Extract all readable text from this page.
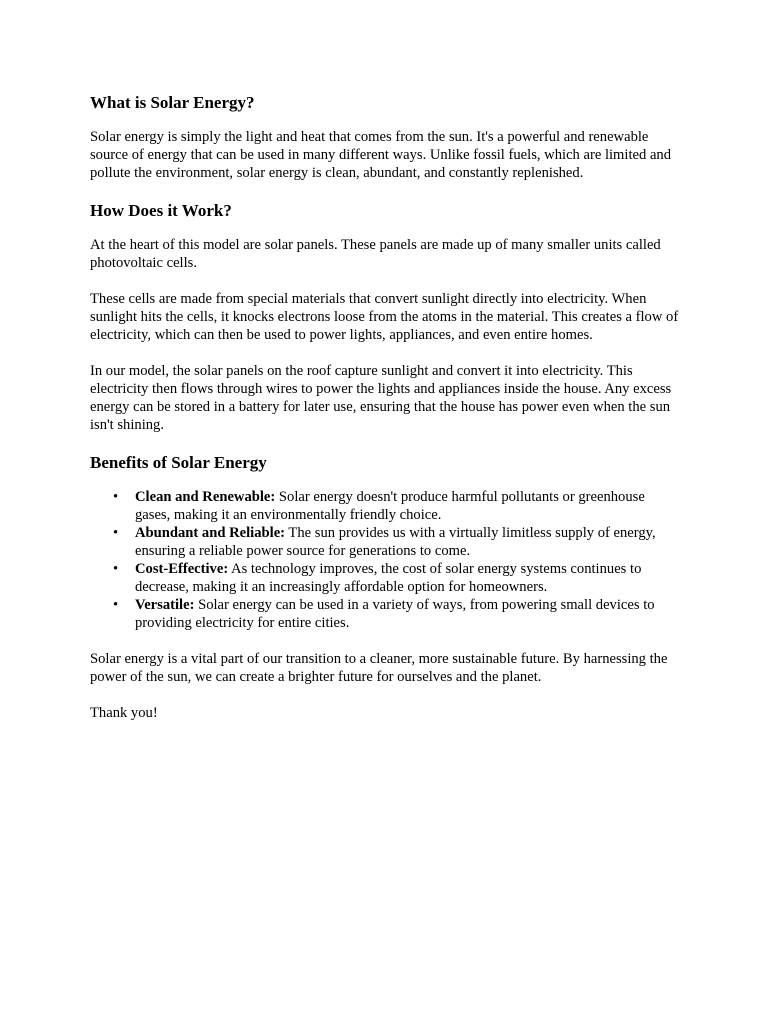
What is Solar Energy?

Solar energy is simply the light and heat that comes from the sun. It's a powerful and renewable source of energy that can be used in many different ways. Unlike fossil fuels, which are limited and pollute the environment, solar energy is clean, abundant, and constantly replenished.

How Does it Work?

At the heart of this model are solar panels. These panels are made up of many smaller units called photovoltaic cells.

These cells are made from special materials that convert sunlight directly into electricity. When sunlight hits the cells, it knocks electrons loose from the atoms in the material. This creates a flow of electricity, which can then be used to power lights, appliances, and even entire homes.

In our model, the solar panels on the roof capture sunlight and convert it into electricity. This electricity then flows through wires to power the lights and appliances inside the house. Any excess energy can be stored in a battery for later use, ensuring that the house has power even when the sun isn't shining.

Benefits of Solar Energy
• Clean and Renewable: Solar energy doesn't produce harmful pollutants or greenhouse gases, making it an environmentally friendly choice.
• Abundant and Reliable: The sun provides us with a virtually limitless supply of energy, ensuring a reliable power source for generations to come.
• Cost-Effective: As technology improves, the cost of solar energy systems continues to decrease, making it an increasingly affordable option for homeowners.
• Versatile: Solar energy can be used in a variety of ways, from powering small devices to providing electricity for entire cities.

Solar energy is a vital part of our transition to a cleaner, more sustainable future. By harnessing the power of the sun, we can create a brighter future for ourselves and the planet.

Thank you!
